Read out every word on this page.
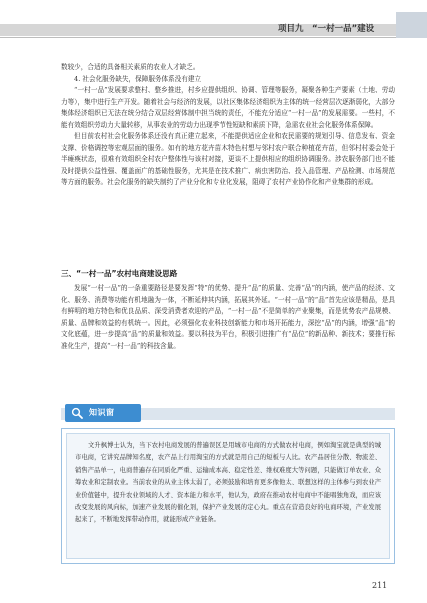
项目九　“一村一品”建设

数较少，合适的具备相关素质的农业人才缺乏。

4. 社会化服务缺失，保障服务体系没有建立

“一村一品”发展要求整村、整乡推进，村乡应提供组织、协调、管理等服务，凝聚各种生产要素（土地、劳动力等），集中进行生产开发。随着社会与经济的发展，以社区集体经济组织为主体的统一经营层次逐渐弱化，大部分集体经济组织已无法在统分结合双层经营体制中担当统的责任，不能充分适应“一村一品”的发展需要。一些村，不能有效组织劳动力大量转移，从事农业的劳动力出现季节性短缺和素质下降，急需农业社会化服务体系保障。

但目前农村社会化服务体系还没有真正建立起来，不能提供适应企业和农民需要的规划引导、信息发布、资金支撑、价格调控等宏观层面的服务。如有的地方花卉苗木特色村想与邻村农户联合种植花卉苗，但邻村村委会处于半瘫痪状态，很难有效组织全村农户整体性与该村对接，更谈不上提供相应的组织协调服务。涉农服务部门也不能及时提供公益性强、覆盖面广的基础性服务，尤其是在技术推广、病虫害防治、投入品管理、产品检测、市场规范等方面的服务。社会化服务的缺失制约了产业分化和专业化发展，阻碍了农村产业协作化和产业集群的形成。

三、“一村一品”农村电商建设思路
发展“一村一品”的一条重要路径是要发挥“特”的优势、提升“品”的质量、完善“品”的内涵，使产品的经济、文化、服务、消费等功能有机地融为一体，不断延伸其内涵，拓展其外延。“一村一品”的“品”首先应该是精品，是具有鲜明的地方特色和优良品质、深受消费者欢迎的产品，“一村一品”不是简单的产业聚集，而是优势农产品规模、质量、品牌和效益的有机统一。因此，必须强化农业科技创新能力和市场开拓能力，深挖“品”的内涵，增强“品”的文化底蕴，进一步提高“品”的质量和效益。要以科技为平台，积极引进推广有“品位”的新品种、新技术；要推行标准化生产，提高“一村一品”的科技含量。
知识窗
文升枫博士认为，当下农村电商发展的普遍误区是用城市电商的方式做农村电商，例如淘宝就是典型的城市电商，它讲究品牌知名度，农产品上行用淘宝的方式就是用自己的短板与人比。农产品居住分散、物流差、销售产品单一，电商普遍存在同质化严重、运输成本高、稳定性差、维权难度大等问题，只能做订单农业、众筹农业和定制农业。当前农业的从业主体太弱了，必须鼓励和培育更多像他太、联想这样的主体参与到农业产业价值链中，提升农业领域的人才、资本能力和水平，他认为，政府在推动农村电商中不能唱独角戏，而应该改变发展的风向标，加速产业发展的催化剂，保护产业发展的定心丸。重点在营造良好的电商环境，产业发展起来了，不断地发挥带动作用，就能形成产业链条。
211
